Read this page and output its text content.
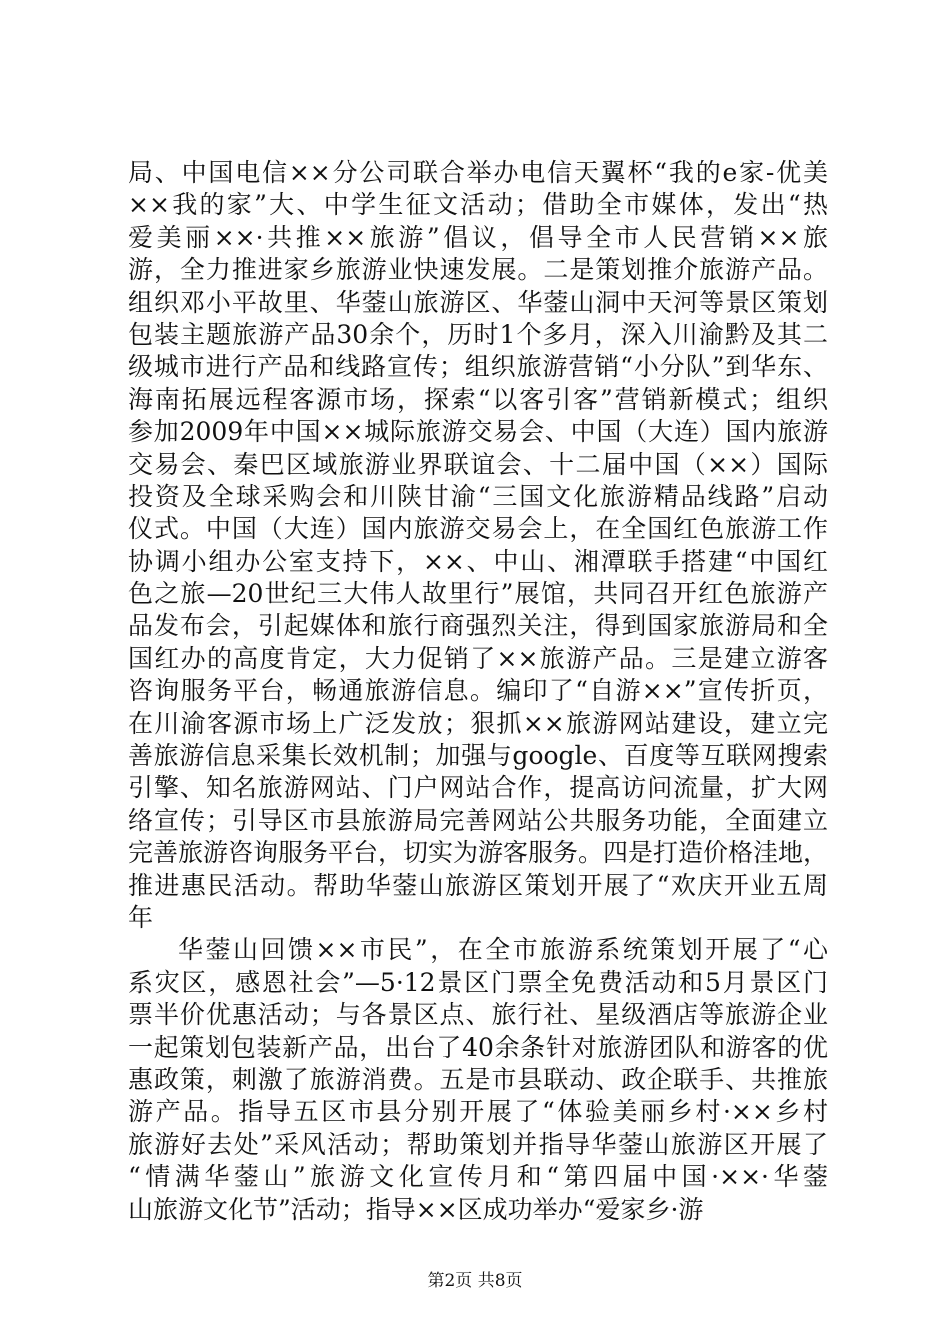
局、中国电信××分公司联合举办电信天翼杯“我的e家-优美
××我的家”大、中学生征文活动；借助全市媒体，发出“热
爱美丽××·共推××旅游”倡议，倡导全市人民营销××旅
游，全力推进家乡旅游业快速发展。二是策划推介旅游产品。
组织邓小平故里、华蓥山旅游区、华蓥山洞中天河等景区策划
包装主题旅游产品30余个，历时1个多月，深入川渝黔及其二
级城市进行产品和线路宣传；组织旅游营销“小分队”到华东、
海南拓展远程客源市场，探索“以客引客”营销新模式；组织
参加2009年中国××城际旅游交易会、中国（大连）国内旅游
交易会、秦巴区域旅游业界联谊会、十二届中国（××）国际
投资及全球采购会和川陕甘渝“三国文化旅游精品线路”启动
仪式。中国（大连）国内旅游交易会上，在全国红色旅游工作
协调小组办公室支持下，××、中山、湘潭联手搭建“中国红
色之旅—20世纪三大伟人故里行”展馆，共同召开红色旅游产
品发布会，引起媒体和旅行商强烈关注，得到国家旅游局和全
国红办的高度肯定，大力促销了××旅游产品。三是建立游客
咨询服务平台，畅通旅游信息。编印了“自游××”宣传折页，
在川渝客源市场上广泛发放；狠抓××旅游网站建设，建立完
善旅游信息采集长效机制；加强与google、百度等互联网搜索
引擎、知名旅游网站、门户网站合作，提高访问流量，扩大网
络宣传；引导区市县旅游局完善网站公共服务功能，全面建立
完善旅游咨询服务平台，切实为游客服务。四是打造价格洼地，
推进惠民活动。帮助华蓥山旅游区策划开展了“欢庆开业五周
年
华蓥山回馈××市民”，在全市旅游系统策划开展了“心
系灾区，感恩社会”—5·12景区门票全免费活动和5月景区门
票半价优惠活动；与各景区点、旅行社、星级酒店等旅游企业
一起策划包装新产品，出台了40余条针对旅游团队和游客的优
惠政策，刺激了旅游消费。五是市县联动、政企联手、共推旅
游产品。指导五区市县分别开展了“体验美丽乡村·××乡村
旅游好去处”采风活动；帮助策划并指导华蓥山旅游区开展了
“情满华蓥山”旅游文化宣传月和“第四届中国·××·华蓥
山旅游文化节”活动；指导××区成功举办“爱家乡·游
第2页 共8页
